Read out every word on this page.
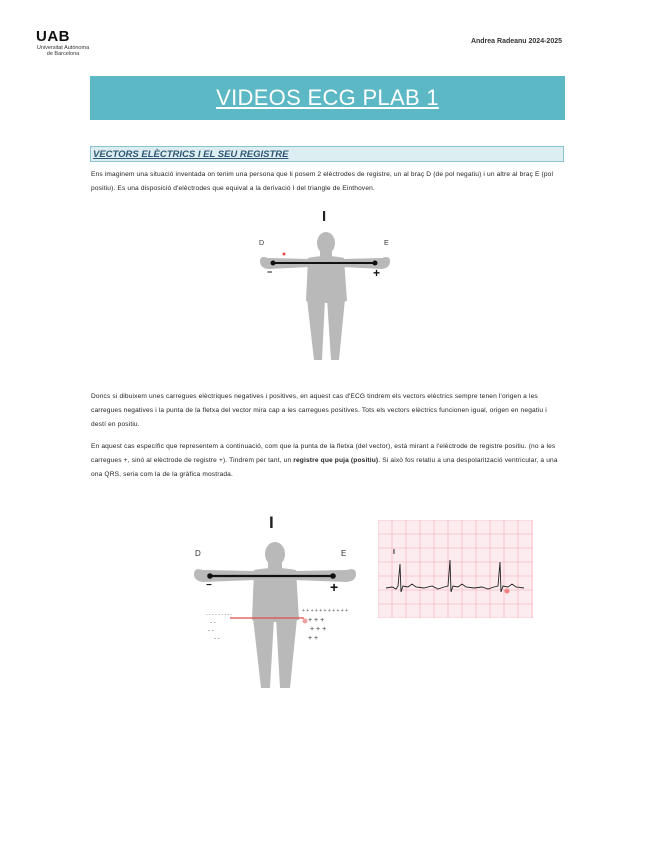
UAB
Universitat Autònoma de Barcelona
Andrea Radeanu 2024-2025
VIDEOS ECG PLAB 1
VECTORS ELÈCTRICS I EL SEU REGISTRE
Ens imaginem una situació inventada on tenim una persona que li posem 2 elèctrodes de registre, un al braç D (de pol negatiu) i un altre al braç E (pol positiu). Es una disposició d'elèctrodes que equival a la derivació I del triangle de Einthoven.
I
D	E
−	+
Doncs si dibuixem unes carregues elèctriques negatives i positives, en aquest cas d'ECG tindrem els vectors elèctrics sempre tenen l'origen a les carregues negatives i la punta de la fletxa del vector mira cap a les carregues positives. Tots els vectors elèctrics funcionen igual, origen en negatiu i destí en positiu.
En aquest cas específic que representem a continuació, com que la punta de la fletxa (del vector), està mirant a l'elèctrode de registre positiu. (no a les carregues +, sinó al elèctrode de registre +). Tindrem per tant, un registre que puja (positiu). Si això fos relatiu a una despolarització ventricular, a una ona QRS, seria com la de la gràfica mostrada.
I
D	E
−	+
- - - - - - - - -
+ + + + + + + + + + +
- -
- -
- -
+ + +
+ + +
+ +
I
